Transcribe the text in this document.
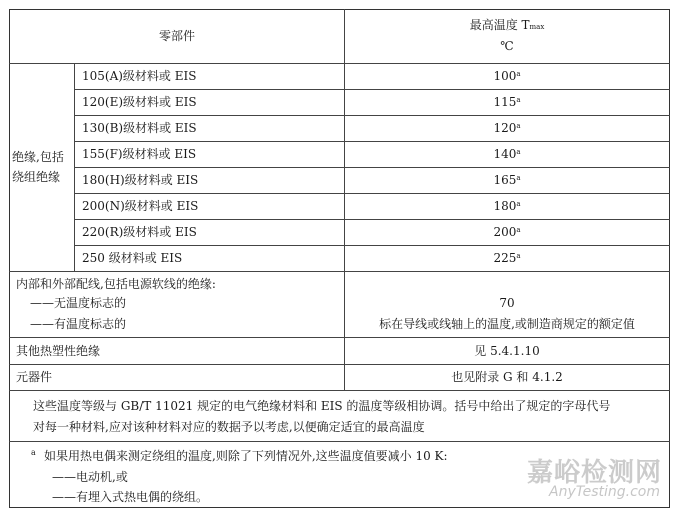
零部件
最高温度 Tmax
℃
绝缘,包括
绕组绝缘
105(A)级材料或 EIS
120(E)级材料或 EIS
130(B)级材料或 EIS
155(F)级材料或 EIS
180(H)级材料或 EIS
200(N)级材料或 EIS
220(R)级材料或 EIS
250 级材料或 EIS
100$^a$
115$^a$
120$^a$
140$^a$
165$^a$
180$^a$
200$^a$
225$^a$
内部和外部配线,包括电源软线的绝缘:
——无温度标志的
——有温度标志的
70
标在导线或线轴上的温度,或制造商规定的额定值
其他热塑性绝缘	见 5.4.1.10
元器件	也见附录 G 和 4.1.2
这些温度等级与 GB/T 11021 规定的电气绝缘材料和 EIS 的温度等级相协调。括号中给出了规定的字母代号
对每一种材料,应对该种材料对应的数据予以考虑,以便确定适宜的最高温度
a 如果用热电偶来测定绕组的温度,则除了下列情况外,这些温度值要减小 10 K:
——电动机,或
——有埋入式热电偶的绕组。
嘉峪检测网
AnyTesting.com
